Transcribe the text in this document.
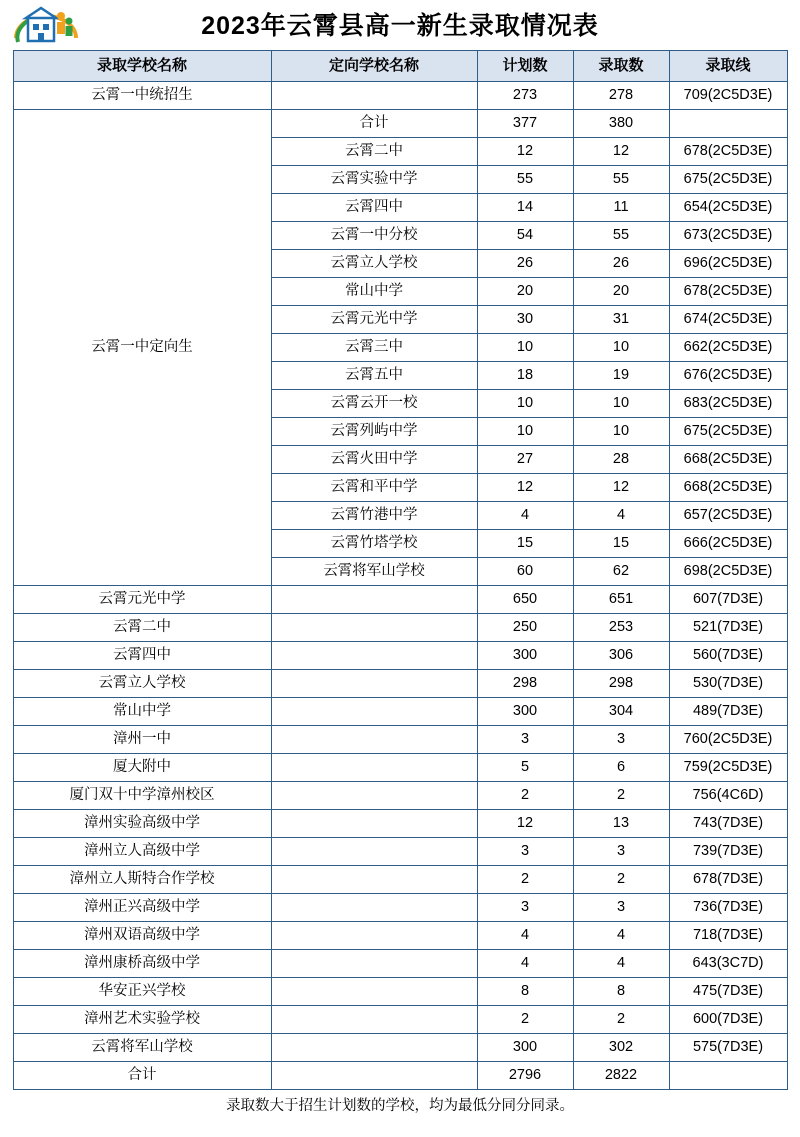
2023年云霄县高一新生录取情况表
录取学校名称	定向学校名称	计划数	录取数	录取线
云霄一中统招生		273	278	709(2C5D3E)
云霄一中定向生	合计	377	380	
	云霄二中	12	12	678(2C5D3E)
	云霄实验中学	55	55	675(2C5D3E)
	云霄四中	14	11	654(2C5D3E)
	云霄一中分校	54	55	673(2C5D3E)
	云霄立人学校	26	26	696(2C5D3E)
	常山中学	20	20	678(2C5D3E)
	云霄元光中学	30	31	674(2C5D3E)
	云霄三中	10	10	662(2C5D3E)
	云霄五中	18	19	676(2C5D3E)
	云霄云开一校	10	10	683(2C5D3E)
	云霄列屿中学	10	10	675(2C5D3E)
	云霄火田中学	27	28	668(2C5D3E)
	云霄和平中学	12	12	668(2C5D3E)
	云霄竹港中学	4	4	657(2C5D3E)
	云霄竹塔学校	15	15	666(2C5D3E)
	云霄将军山学校	60	62	698(2C5D3E)
云霄元光中学		650	651	607(7D3E)
云霄二中		250	253	521(7D3E)
云霄四中		300	306	560(7D3E)
云霄立人学校		298	298	530(7D3E)
常山中学		300	304	489(7D3E)
漳州一中		3	3	760(2C5D3E)
厦大附中		5	6	759(2C5D3E)
厦门双十中学漳州校区		2	2	756(4C6D)
漳州实验高级中学		12	13	743(7D3E)
漳州立人高级中学		3	3	739(7D3E)
漳州立人斯特合作学校		2	2	678(7D3E)
漳州正兴高级中学		3	3	736(7D3E)
漳州双语高级中学		4	4	718(7D3E)
漳州康桥高级中学		4	4	643(3C7D)
华安正兴学校		8	8	475(7D3E)
漳州艺术实验学校		2	2	600(7D3E)
云霄将军山学校		300	302	575(7D3E)
合计		2796	2822	
录取数大于招生计划数的学校，均为最低分同分同录。
